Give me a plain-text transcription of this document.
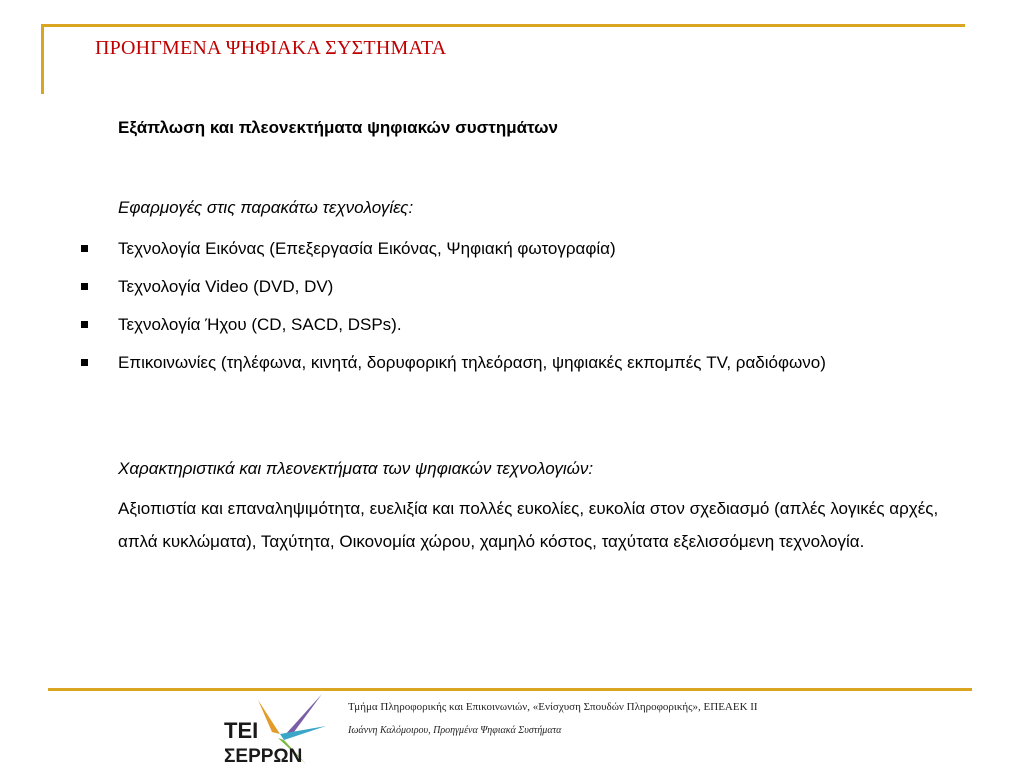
ΠΡΟΗΓΜΕΝΑ ΨΗΦΙΑΚΑ ΣΥΣΤΗΜΑΤΑ
Εξάπλωση και πλεονεκτήματα ψηφιακών συστημάτων
Εφαρμογές στις παρακάτω τεχνολογίες:
Τεχνολογία Εικόνας (Επεξεργασία Εικόνας, Ψηφιακή φωτογραφία)
Τεχνολογία Video (DVD, DV)
Τεχνολογία Ήχου (CD, SACD, DSPs).
Επικοινωνίες (τηλέφωνα, κινητά, δορυφορική τηλεόραση, ψηφιακές εκπομπές TV, ραδιόφωνο)
Χαρακτηριστικά και πλεονεκτήματα των ψηφιακών τεχνολογιών:
Αξιοπιστία και επαναληψιμότητα, ευελιξία και πολλές ευκολίες, ευκολία στον σχεδιασμό (απλές λογικές αρχές, απλά κυκλώματα), Ταχύτητα, Οικονομία χώρου, χαμηλό κόστος, ταχύτατα εξελισσόμενη τεχνολογία.
ΤΕΙ
ΣΕΡΡΩΝ
Τμήμα Πληροφορικής και Επικοινωνιών, «Ενίσχυση Σπουδών Πληροφορικής», ΕΠΕΑΕΚ ΙΙ
Ιωάννη Καλόμοιρου, Προηγμένα Ψηφιακά Συστήματα
